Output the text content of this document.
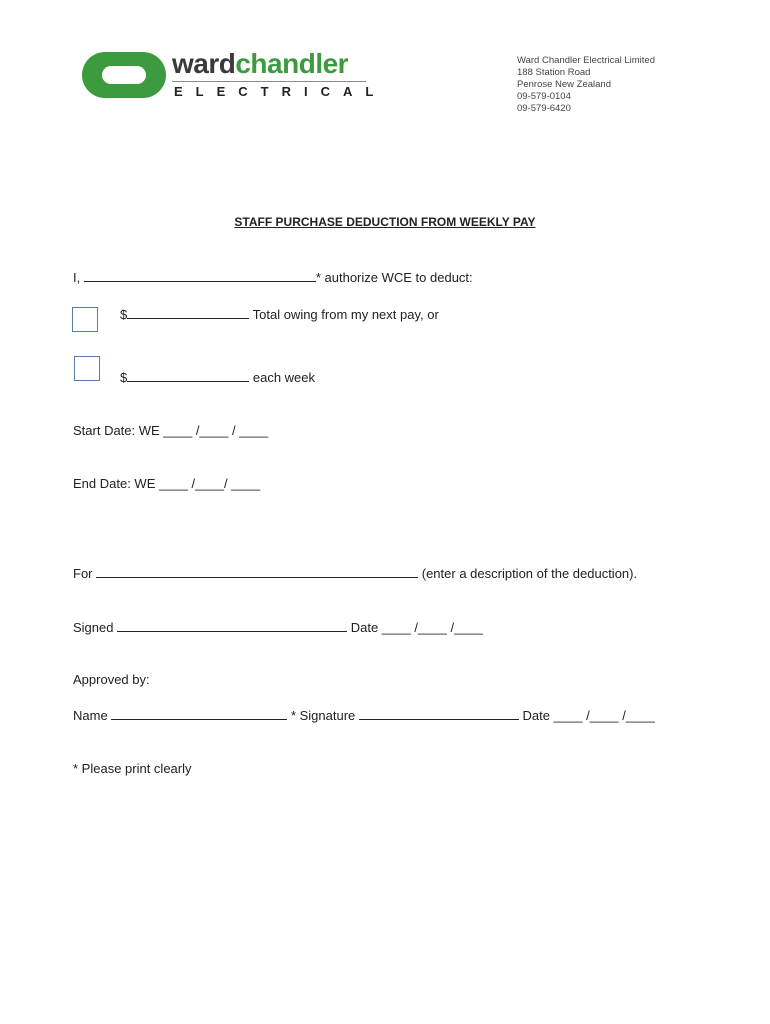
wardchandler
ELECTRICAL
Ward Chandler Electrical Limited
188 Station Road
Penrose New Zealand
09-579-0104
09-579-6420
STAFF PURCHASE DEDUCTION FROM WEEKLY PAY
I,	* authorize WCE to deduct:
$	Total owing from my next pay, or
$	each week
Start Date: WE ____ /____ / ____
End Date: WE ____ /____/ ____
For	(enter a description of the deduction).
Signed	Date ____ /____ /____
Approved by:
Name	* Signature	Date ____ /____ /____
* Please print clearly
